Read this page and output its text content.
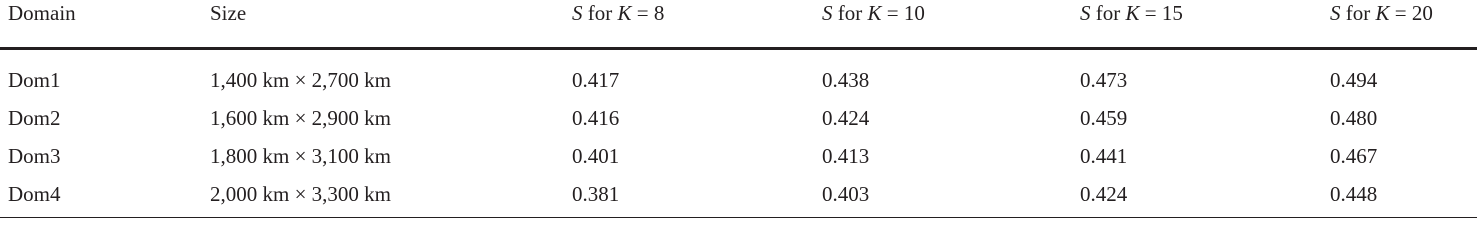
Domain	Size	S for K = 8	S for K = 10	S for K = 15	S for K = 20
Dom1	1,400 km × 2,700 km	0.417	0.438	0.473	0.494
Dom2	1,600 km × 2,900 km	0.416	0.424	0.459	0.480
Dom3	1,800 km × 3,100 km	0.401	0.413	0.441	0.467
Dom4	2,000 km × 3,300 km	0.381	0.403	0.424	0.448
